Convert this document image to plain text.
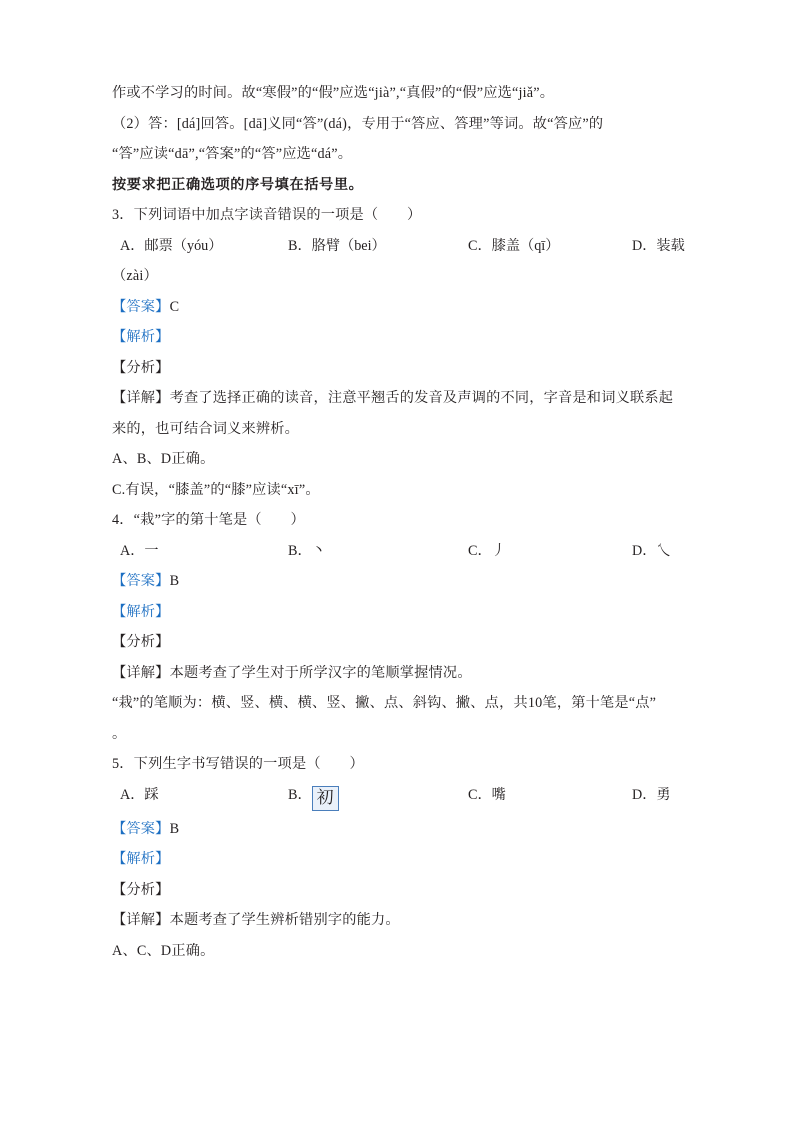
作或不学习的时间。故“寒假”的“假”应选“jià”,“真假”的“假”应选“jiǎ”。
（2）答：[dá]回答。[dā]义同“答”(dá)，专用于“答应、答理”等词。故“答应”的
“答”应读“dā”,“答案”的“答”应选“dá”。
按要求把正确选项的序号填在括号里。
3．下列词语中加点字读音错误的一项是（　　）
A．邮票（yóu）	B．胳臂（bei）	C．膝盖（qī）	D．装载
（zài）
【答案】C
【解析】
【分析】
【详解】考查了选择正确的读音，注意平翘舌的发音及声调的不同，字音是和词义联系起
来的，也可结合词义来辨析。
A、B、D正确。
C.有误，“膝盖”的“膝”应读“xī”。
4．“栽”字的第十笔是（　　）
A．一	B．丶	C．丿	D．乀
【答案】B
【解析】
【分析】
【详解】本题考查了学生对于所学汉字的笔顺掌握情况。
“栽”的笔顺为：横、竖、横、横、竖、撇、点、斜钩、撇、点，共10笔，第十笔是“点”
。
5．下列生字书写错误的一项是（　　）
A．踩	B． 初	C．嘴	D．勇
【答案】B
【解析】
【分析】
【详解】本题考查了学生辨析错别字的能力。
A、C、D正确。
